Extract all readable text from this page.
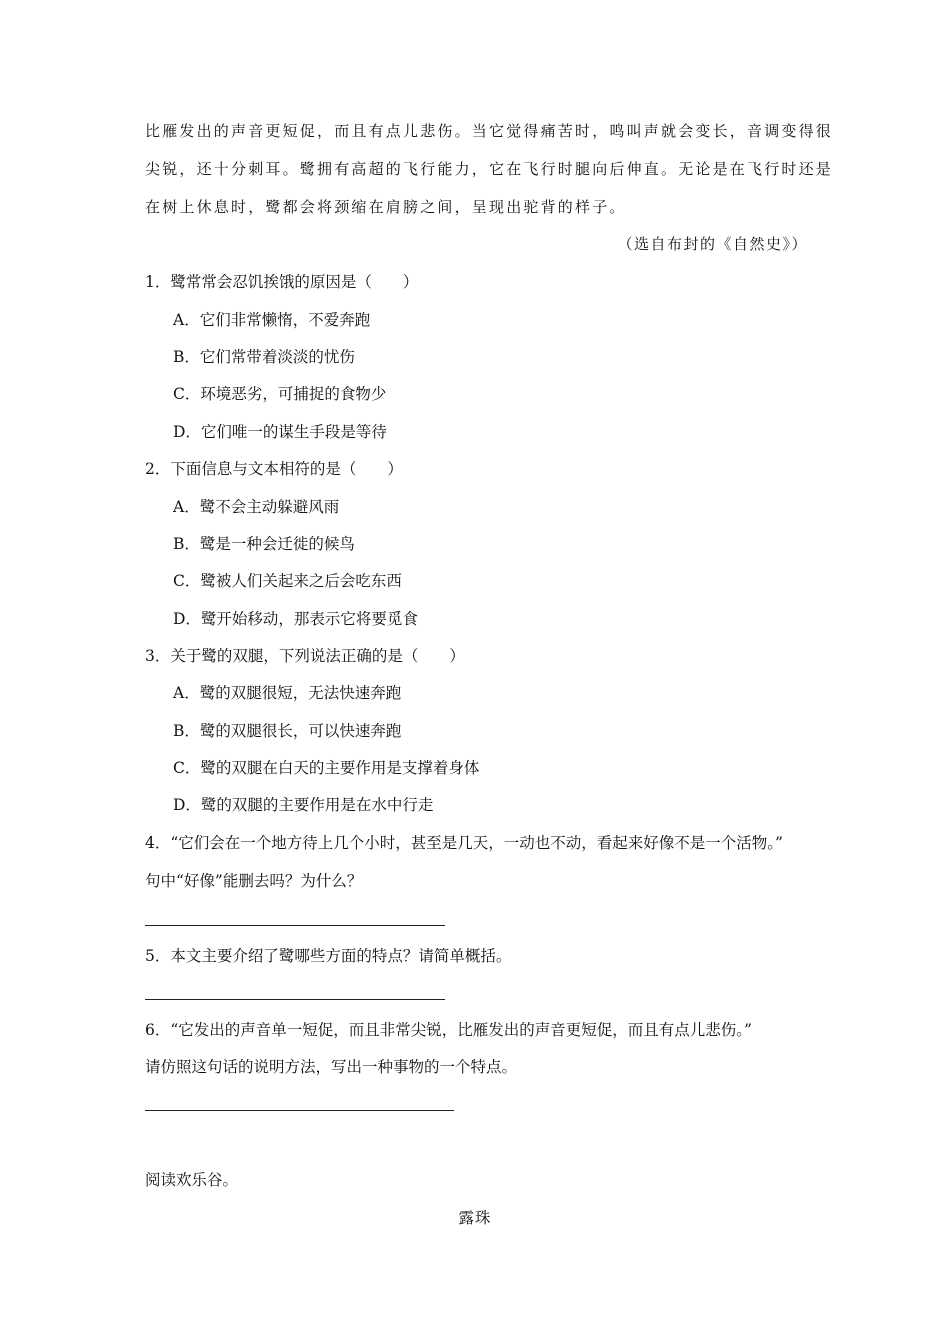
比雁发出的声音更短促，而且有点儿悲伤。当它觉得痛苦时，鸣叫声就会变长，音调变得很
尖锐，还十分刺耳。鹭拥有高超的飞行能力，它在飞行时腿向后伸直。无论是在飞行时还是
在树上休息时，鹭都会将颈缩在肩膀之间，呈现出驼背的样子。
（选自布封的《自然史》）
1．鹭常常会忍饥挨饿的原因是（　　）
A．它们非常懒惰，不爱奔跑
B．它们常带着淡淡的忧伤
C．环境恶劣，可捕捉的食物少
D．它们唯一的谋生手段是等待
2．下面信息与文本相符的是（　　）
A．鹭不会主动躲避风雨
B．鹭是一种会迁徙的候鸟
C．鹭被人们关起来之后会吃东西
D．鹭开始移动，那表示它将要觅食
3．关于鹭的双腿，下列说法正确的是（　　）
A．鹭的双腿很短，无法快速奔跑
B．鹭的双腿很长，可以快速奔跑
C．鹭的双腿在白天的主要作用是支撑着身体
D．鹭的双腿的主要作用是在水中行走
4．“它们会在一个地方待上几个小时，甚至是几天，一动也不动，看起来好像不是一个活物。”
句中“好像”能删去吗？为什么？
5．本文主要介绍了鹭哪些方面的特点？请简单概括。
6．“它发出的声音单一短促，而且非常尖锐，比雁发出的声音更短促，而且有点儿悲伤。”
请仿照这句话的说明方法，写出一种事物的一个特点。
阅读欢乐谷。
露珠
